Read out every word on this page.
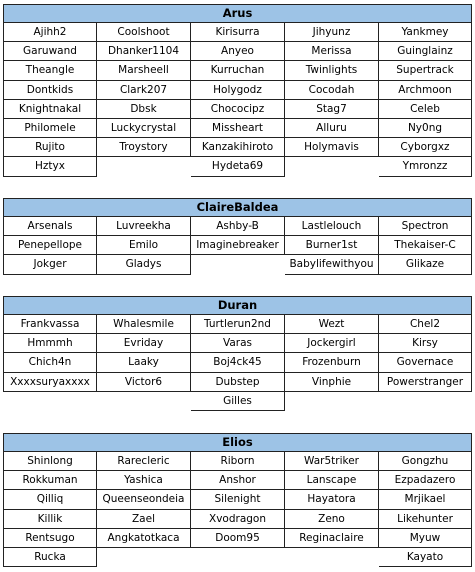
Arus
Ajihh2
Garuwand
Theangle
Dontkids
Knightnakal
Philomele
Rujito
Hztyx
Coolshoot
Dhanker1104
Marsheell
Clark207
Dbsk
Luckycrystal
Troystory
Kirisurra
Anyeo
Kurruchan
Holygodz
Chococipz
Missheart
Kanzakihiroto
Hydeta69
Jihyunz
Merissa
Twinlights
Cocodah
Stag7
Alluru
Holymavis
Yankmey
Guinglainz
Supertrack
Archmoon
Celeb
Ny0ng
Cyborgxz
Ymronzz
ClaireBaldea
Arsenals
Penepellope
Jokger
Luvreekha
Emilo
Gladys
Ashby-B
Imaginebreaker
Lastlelouch
Burner1st
Babylifewithyou
Spectron
Thekaiser-C
Glikaze
Duran
Frankvassa
Hmmmh
Chich4n
Xxxxsuryaxxxx
Whalesmile
Evriday
Laaky
Victor6
Turtlerun2nd
Varas
Boj4ck45
Dubstep
Gilles
Wezt
Jockergirl
Frozenburn
Vinphie
Chel2
Kirsy
Governace
Powerstranger
Elios
Shinlong
Rokkuman
Qilliq
Killik
Rentsugo
Rucka
Rarecleric
Yashica
Queenseondeia
Zael
Angkatotkaca
Riborn
Anshor
Silenight
Xvodragon
Doom95
War5triker
Lanscape
Hayatora
Zeno
Reginaclaire
Gongzhu
Ezpadazero
Mrjikael
Likehunter
Myuw
Kayato
